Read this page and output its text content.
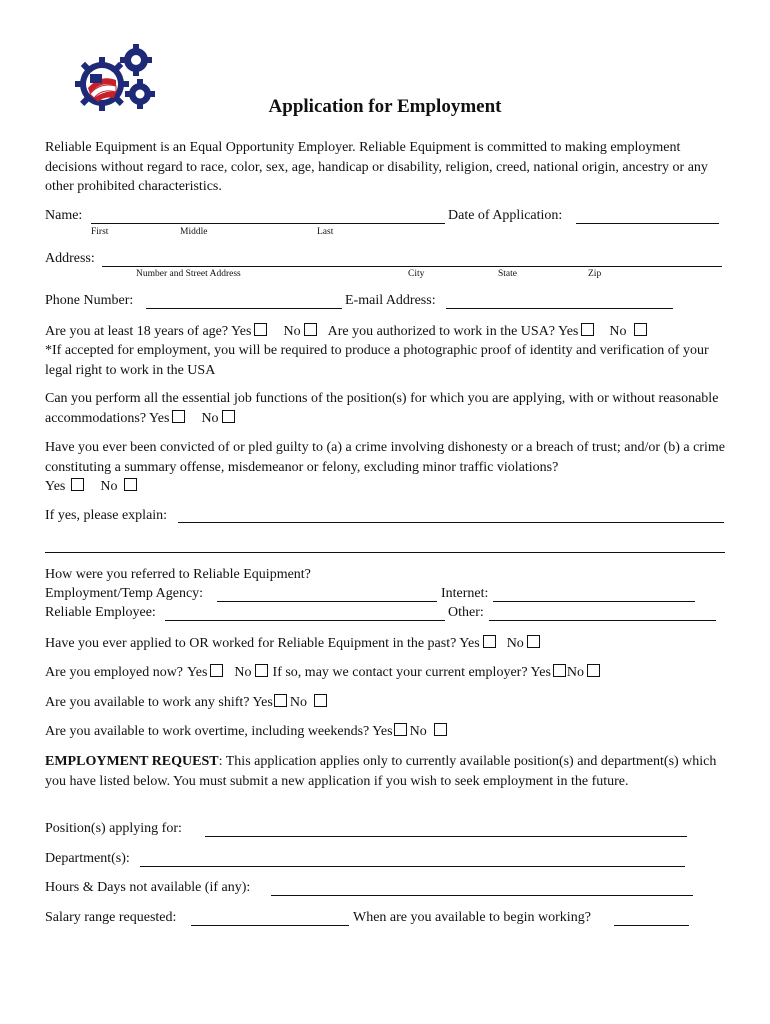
Application for Employment
Reliable Equipment is an Equal Opportunity Employer. Reliable Equipment is committed to making employment decisions without regard to race, color, sex, age, handicap or disability, religion, creed, national origin, ancestry or any other prohibited characteristics.
Name:	Date of Application:
First	Middle	Last
Address:
Number and Street Address	City	State	Zip
Phone Number:	E-mail Address:
Are you at least 18 years of age? Yes No Are you authorized to work in the USA? Yes No
*If accepted for employment, you will be required to produce a photographic proof of identity and verification of your legal right to work in the USA
Can you perform all the essential job functions of the position(s) for which you are applying, with or without reasonable accommodations? Yes No
Have you ever been convicted of or pled guilty to (a) a crime involving dishonesty or a breach of trust; and/or (b) a crime constituting a summary offense, misdemeanor or felony, excluding minor traffic violations?
Yes	No
If yes, please explain:
How were you referred to Reliable Equipment?
Employment/Temp Agency:	Internet:
Reliable Employee:	Other:
Have you ever applied to OR worked for Reliable Equipment in the past? Yes No
Are you employed now? Yes No If so, may we contact your current employer? Yes No
Are you available to work any shift? Yes No
Are you available to work overtime, including weekends? Yes No
EMPLOYMENT REQUEST: This application applies only to currently available position(s) and department(s) which you have listed below. You must submit a new application if you wish to seek employment in the future.
Position(s) applying for:
Department(s):
Hours & Days not available (if any):
Salary range requested:	When are you available to begin working?
